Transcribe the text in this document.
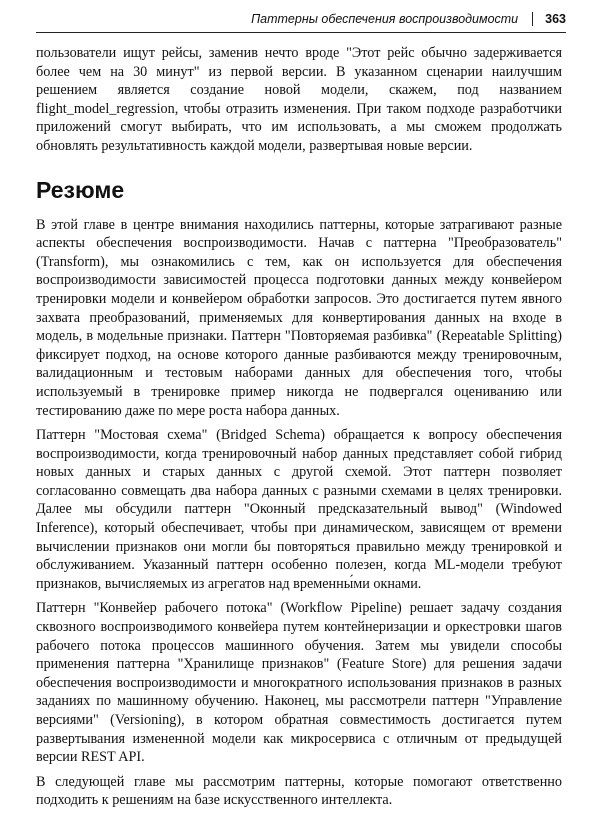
Паттерны обеспечения воспроизводимости 363

пользователи ищут рейсы, заменив нечто вроде "Этот рейс обычно задерживается более чем на 30 минут" из первой версии. В указанном сценарии наилучшим решением является создание новой модели, скажем, под названием flight_model_regression, чтобы отразить изменения. При таком подходе разработчики приложений смогут выбирать, что им использовать, а мы сможем продолжать обновлять результативность каждой модели, развертывая новые версии.

Резюме

В этой главе в центре внимания находились паттерны, которые затрагивают разные аспекты обеспечения воспроизводимости. Начав с паттерна "Преобразователь" (Transform), мы ознакомились с тем, как он используется для обеспечения воспроизводимости зависимостей процесса подготовки данных между конвейером тренировки модели и конвейером обработки запросов. Это достигается путем явного захвата преобразований, применяемых для конвертирования данных на входе в модель, в модельные признаки. Паттерн "Повторяемая разбивка" (Repeatable Splitting) фиксирует подход, на основе которого данные разбиваются между тренировочным, валидационным и тестовым наборами данных для обеспечения того, чтобы используемый в тренировке пример никогда не подвергался оцениванию или тестированию даже по мере роста набора данных.

Паттерн "Мостовая схема" (Bridged Schema) обращается к вопросу обеспечения воспроизводимости, когда тренировочный набор данных представляет собой гибрид новых данных и старых данных с другой схемой. Этот паттерн позволяет согласованно совмещать два набора данных с разными схемами в целях тренировки. Далее мы обсудили паттерн "Оконный предсказательный вывод" (Windowed Inference), который обеспечивает, чтобы при динамическом, зависящем от времени вычислении признаков они могли бы повторяться правильно между тренировкой и обслуживанием. Указанный паттерн особенно полезен, когда ML-модели требуют признаков, вычисляемых из агрегатов над временны́ми окнами.

Паттерн "Конвейер рабочего потока" (Workflow Pipeline) решает задачу создания сквозного воспроизводимого конвейера путем контейнеризации и оркестровки шагов рабочего потока процессов машинного обучения. Затем мы увидели способы применения паттерна "Хранилище признаков" (Feature Store) для решения задачи обеспечения воспроизводимости и многократного использования признаков в разных заданиях по машинному обучению. Наконец, мы рассмотрели паттерн "Управление версиями" (Versioning), в котором обратная совместимость достигается путем развертывания измененной модели как микросервиса с отличным от предыдущей версии REST API.

В следующей главе мы рассмотрим паттерны, которые помогают ответственно подходить к решениям на базе искусственного интеллекта.
